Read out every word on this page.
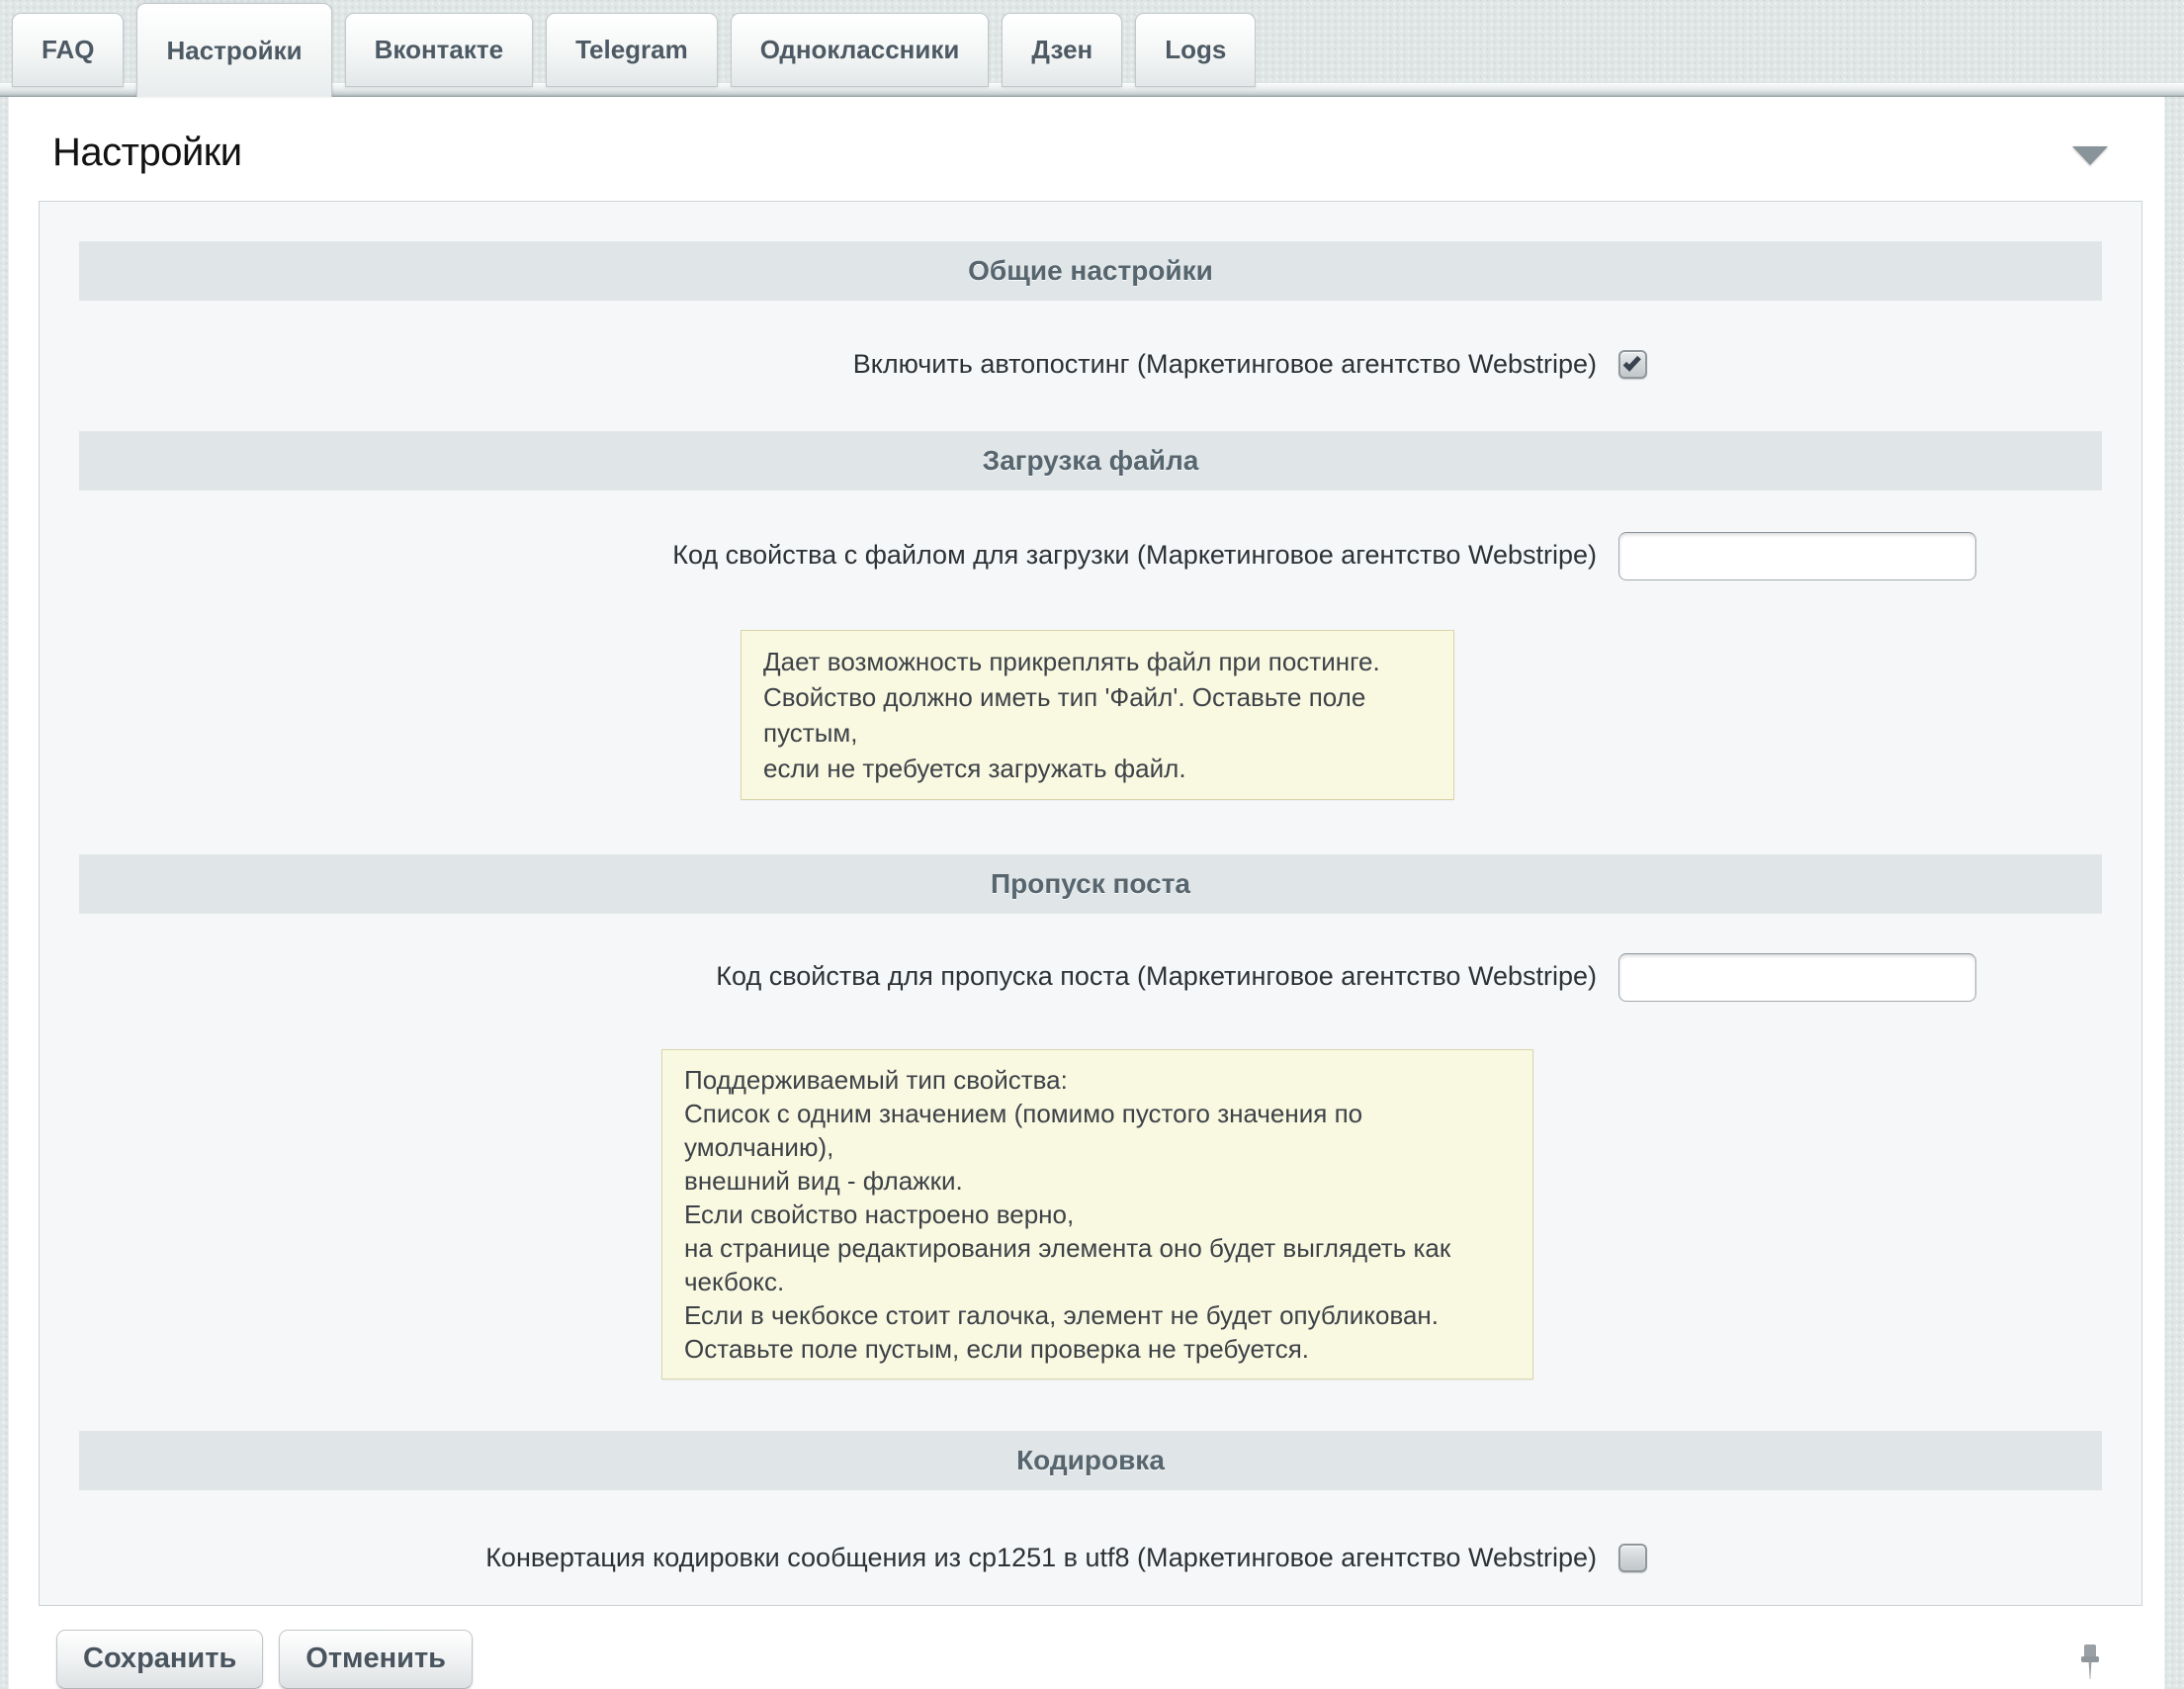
FAQ	Настройки	Вконтакте	Telegram	Одноклассники	Дзен	Logs
Настройки
Общие настройки
Включить автопостинг (Маркетинговое агентство Webstripe)
Загрузка файла
Код свойства с файлом для загрузки (Маркетинговое агентство Webstripe)
Дает возможность прикреплять файл при постинге.
Свойство должно иметь тип 'Файл'. Оставьте поле пустым,
если не требуется загружать файл.
Пропуск поста
Код свойства для пропуска поста (Маркетинговое агентство Webstripe)
Поддерживаемый тип свойства:
Список с одним значением (помимо пустого значения по умолчанию),
внешний вид - флажки.
Если свойство настроено верно,
на странице редактирования элемента оно будет выглядеть как чекбокс.
Если в чекбоксе стоит галочка, элемент не будет опубликован.
Оставьте поле пустым, если проверка не требуется.
Кодировка
Конвертация кодировки сообщения из cp1251 в utf8 (Маркетинговое агентство Webstripe)
Сохранить	Отменить
